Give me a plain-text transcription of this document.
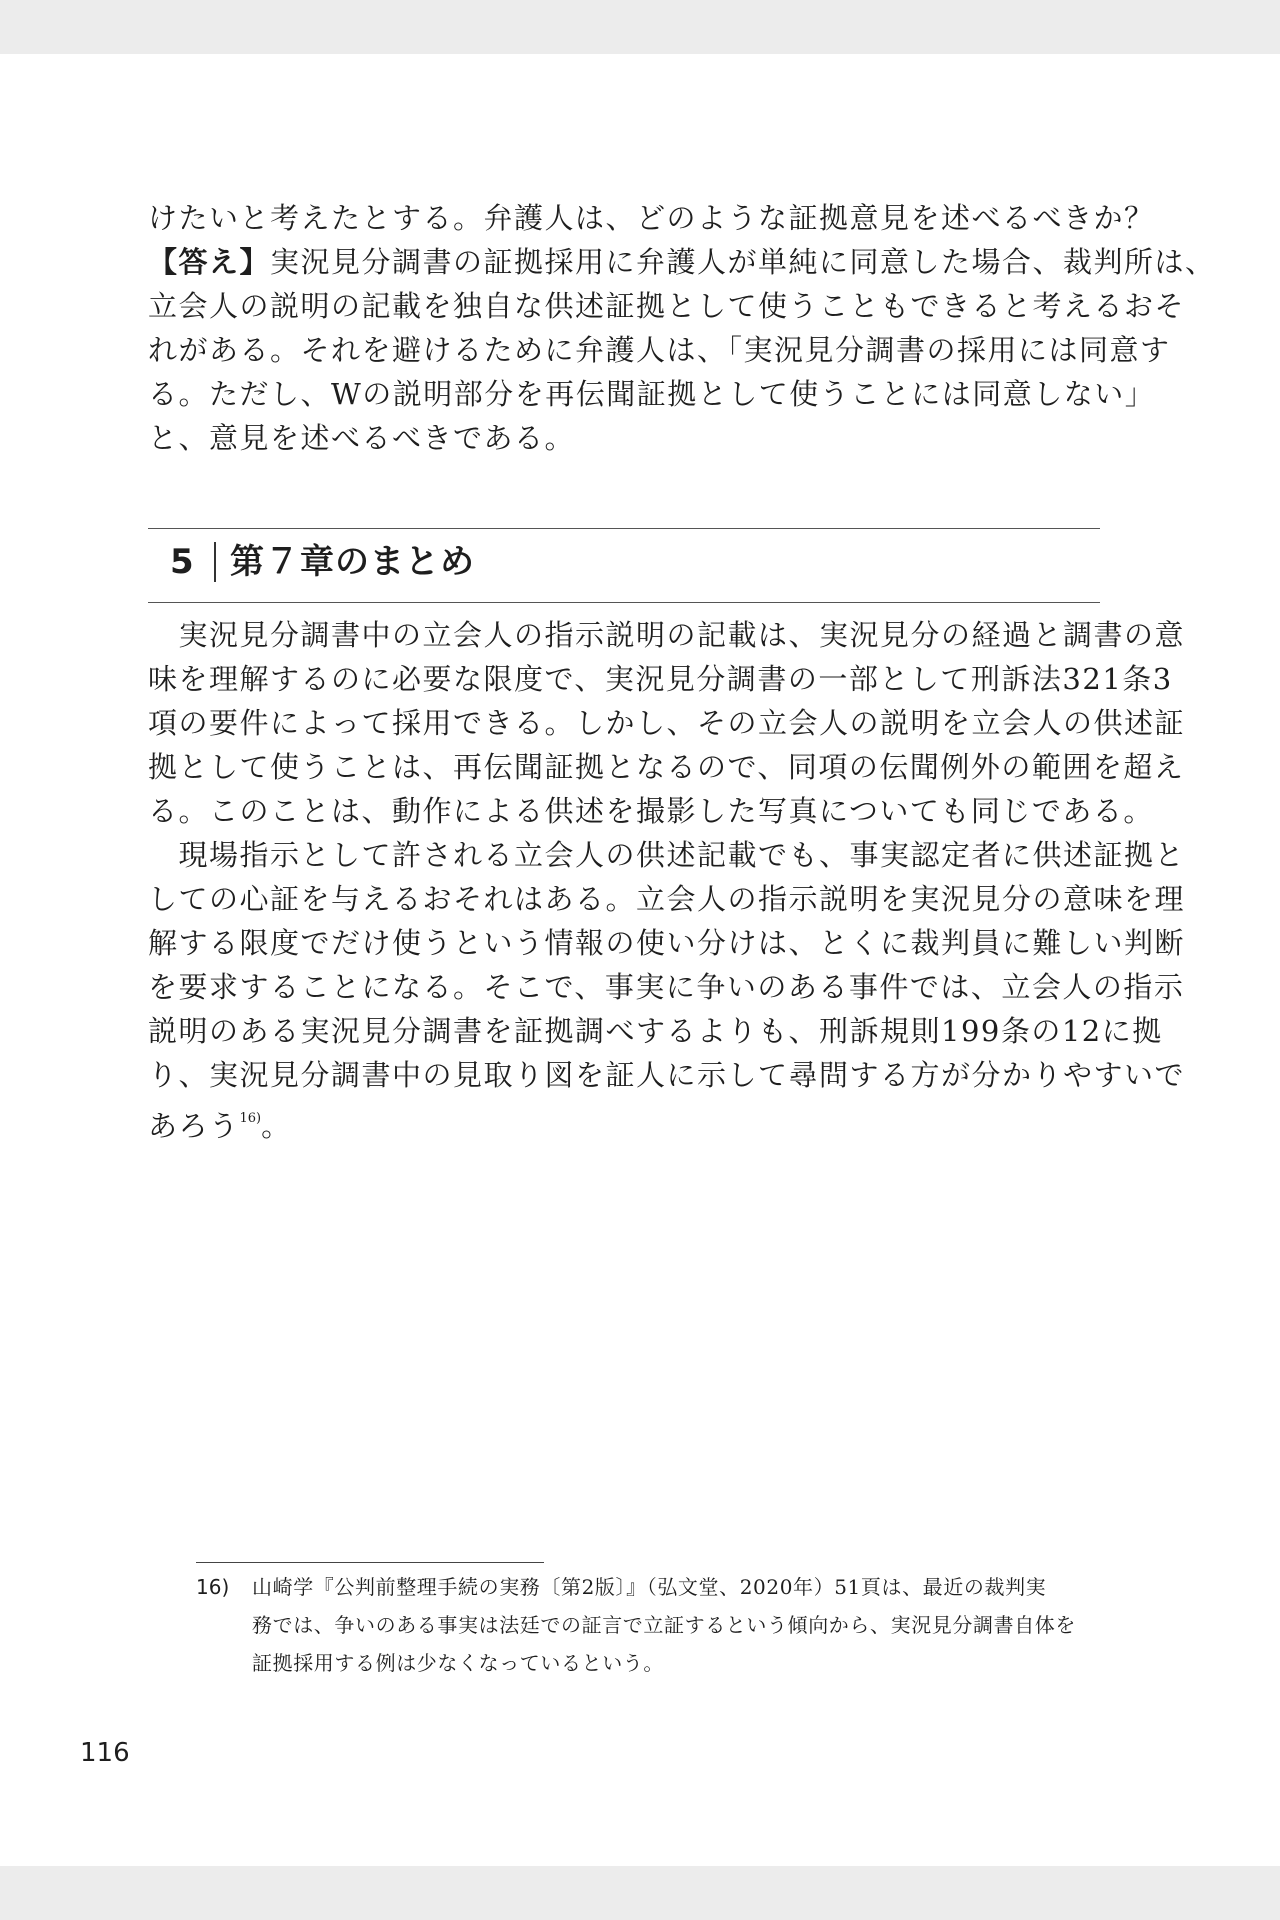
けたいと考えたとする。弁護人は、どのような証拠意見を述べるべきか？
【答え】実況見分調書の証拠採用に弁護人が単純に同意した場合、裁判所は、
立会人の説明の記載を独自な供述証拠として使うこともできると考えるおそ
れがある。それを避けるために弁護人は、「実況見分調書の採用には同意す
る。ただし、Wの説明部分を再伝聞証拠として使うことには同意しない」
と、意見を述べるべきである。
5 第７章のまとめ
　実況見分調書中の立会人の指示説明の記載は、実況見分の経過と調書の意
味を理解するのに必要な限度で、実況見分調書の一部として刑訴法321条3
項の要件によって採用できる。しかし、その立会人の説明を立会人の供述証
拠として使うことは、再伝聞証拠となるので、同項の伝聞例外の範囲を超え
る。このことは、動作による供述を撮影した写真についても同じである。
　現場指示として許される立会人の供述記載でも、事実認定者に供述証拠と
しての心証を与えるおそれはある。立会人の指示説明を実況見分の意味を理
解する限度でだけ使うという情報の使い分けは、とくに裁判員に難しい判断
を要求することになる。そこで、事実に争いのある事件では、立会人の指示
説明のある実況見分調書を証拠調べするよりも、刑訴規則199条の12に拠
り、実況見分調書中の見取り図を証人に示して尋問する方が分かりやすいで
あろう$^{16)}$。
16) 山崎学『公判前整理手続の実務〔第2版〕』（弘文堂、2020年）51頁は、最近の裁判実
務では、争いのある事実は法廷での証言で立証するという傾向から、実況見分調書自体を
証拠採用する例は少なくなっているという。
116
